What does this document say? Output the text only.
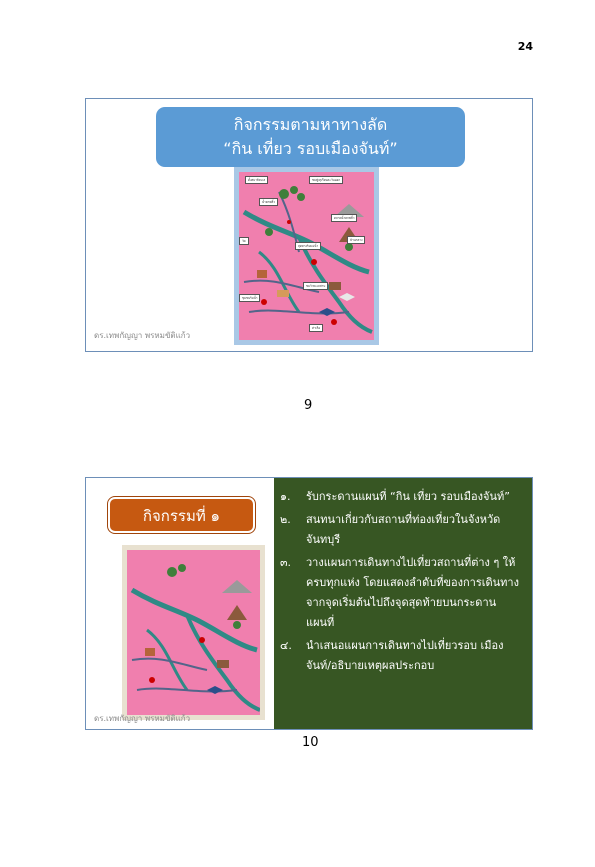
24
กิจกรรมตามหาทางลัด
“กิน เที่ยว รอบเมืองจันท์”
ตั้งสมาธิทะเล	ชมพู่/ทุเรียนตะวันออก
น้ำตกพลิ้ว
ตลาดน้ำตกพลิ้ว
วัด
สุดทางริมแม่น้ำ
บ้านกลาง
ชมวิวทะเลสาบ
ชุมชนริมน้ำ
ท่าเรือ
ดร.เทพกัญญา พรหมขัติแก้ว
9
กิจกรรมที่ ๑
ดร.เทพกัญญา พรหมขัติแก้ว
๑.	รับกระดานแผนที่ “กิน เที่ยว รอบเมืองจันท์”
๒.	สนทนาเกี่ยวกับสถานที่ท่องเที่ยวในจังหวัดจันทบุรี
๓.	วางแผนการเดินทางไปเที่ยวสถานที่ต่าง ๆ ให้ครบทุกแห่ง โดยแสดงลำดับที่ของการเดินทางจากจุดเริ่มต้นไปถึงจุดสุดท้ายบนกระดานแผนที่
๔.	นำเสนอแผนการเดินทางไปเที่ยวรอบ เมืองจันท์/อธิบายเหตุผลประกอบ
10
